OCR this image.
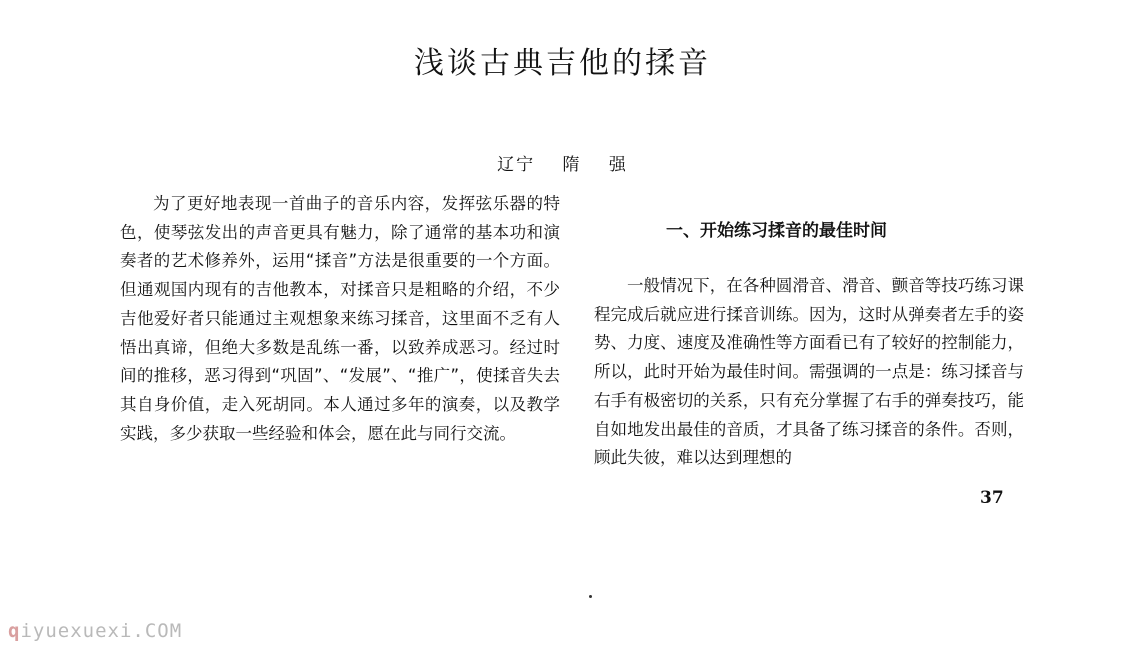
浅谈古典吉他的揉音
辽宁 隋 强

为了更好地表现一首曲子的音乐内容，发挥弦乐器的特色，使琴弦发出的声音更具有魅力，除了通常的基本功和演奏者的艺术修养外，运用“揉音”方法是很重要的一个方面。但通观国内现有的吉他教本，对揉音只是粗略的介绍，不少吉他爱好者只能通过主观想象来练习揉音，这里面不乏有人悟出真谛，但绝大多数是乱练一番，以致养成恶习。经过时间的推移，恶习得到“巩固”、“发展”、“推广”，使揉音失去其自身价值，走入死胡同。本人通过多年的演奏，以及教学实践，多少获取一些经验和体会，愿在此与同行交流。

一、开始练习揉音的最佳时间

一般情况下，在各种圆滑音、滑音、颤音等技巧练习课程完成后就应进行揉音训练。因为，这时从弹奏者左手的姿势、力度、速度及准确性等方面看已有了较好的控制能力，所以，此时开始为最佳时间。需强调的一点是：练习揉音与右手有极密切的关系，只有充分掌握了右手的弹奏技巧，能自如地发出最佳的音质，才具备了练习揉音的条件。否则，顾此失彼，难以达到理想的

37
qiyuexuexi.COM
